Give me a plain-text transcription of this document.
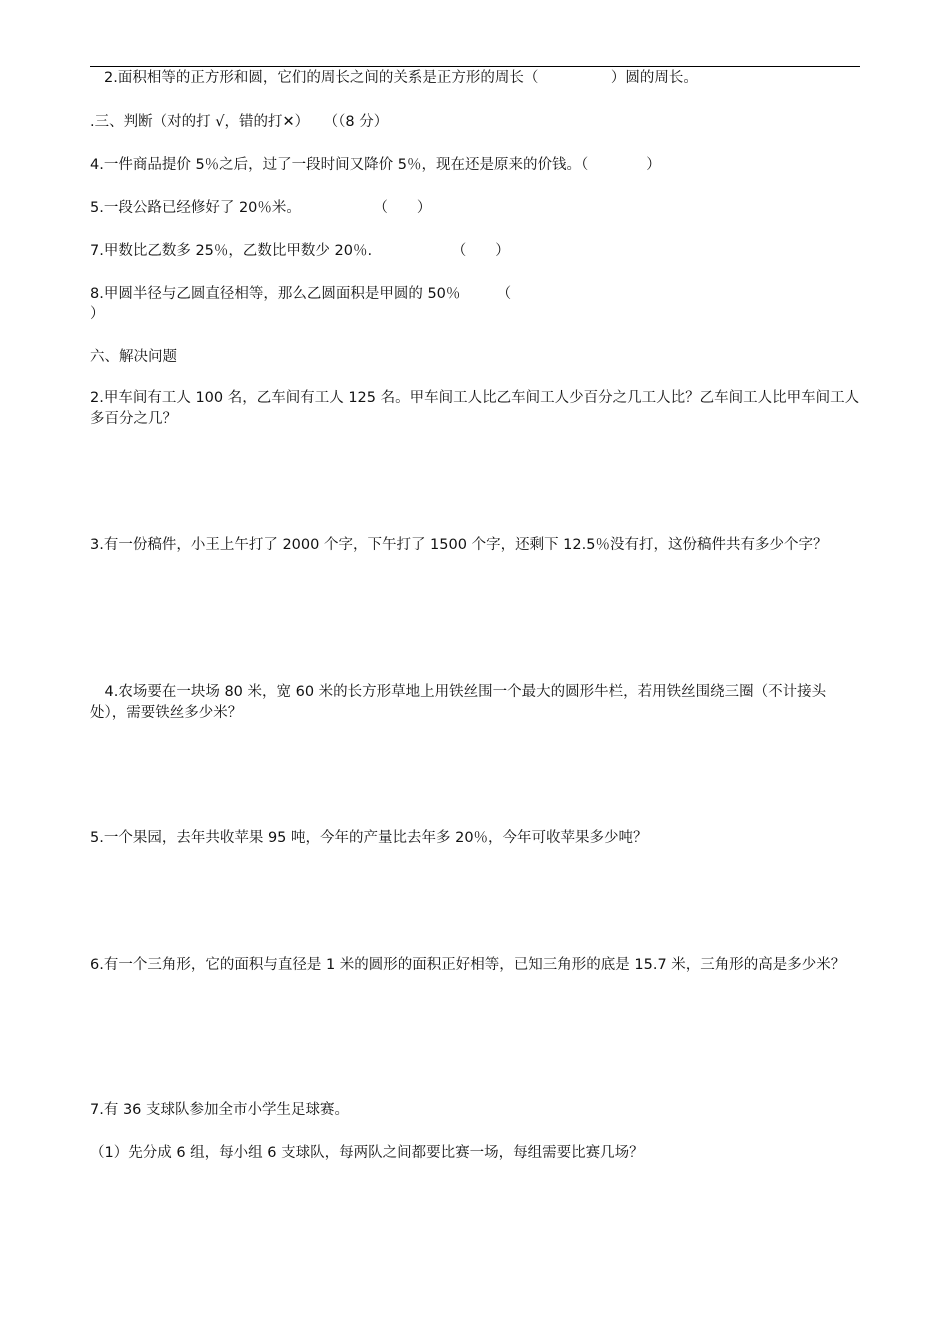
2.面积相等的正方形和圆，它们的周长之间的关系是正方形的周长（　　　　　）圆的周长。
.三、判断（对的打 √，错的打✕）　　（（8 分）
4.一件商品提价 5％之后，过了一段时间又降价 5％，现在还是原来的价钱。（　　　　）
5.一段公路已经修好了 20％米。　　　　　　（　　）
7.甲数比乙数多 25％，乙数比甲数少 20％.　　　　　　（　　）
8.甲圆半径与乙圆直径相等，那么乙圆面积是甲圆的 50％　　　（
）
六、解决问题
2.甲车间有工人 100 名，乙车间有工人 125 名。甲车间工人比乙车间工人少百分之几工人比？乙车间工人比甲车间工人多百分之几？
3.有一份稿件，小王上午打了 2000 个字，下午打了 1500 个字，还剩下 12.5％没有打，这份稿件共有多少个字？
　4.农场要在一块场 80 米，宽 60 米的长方形草地上用铁丝围一个最大的圆形牛栏，若用铁丝围绕三圈（不计接头处），需要铁丝多少米？
5.一个果园，去年共收苹果 95 吨，今年的产量比去年多 20％，今年可收苹果多少吨？
6.有一个三角形，它的面积与直径是 1 米的圆形的面积正好相等，已知三角形的底是 15.7 米，三角形的高是多少米？
7.有 36 支球队参加全市小学生足球赛。
（1）先分成 6 组，每小组 6 支球队，每两队之间都要比赛一场，每组需要比赛几场？
